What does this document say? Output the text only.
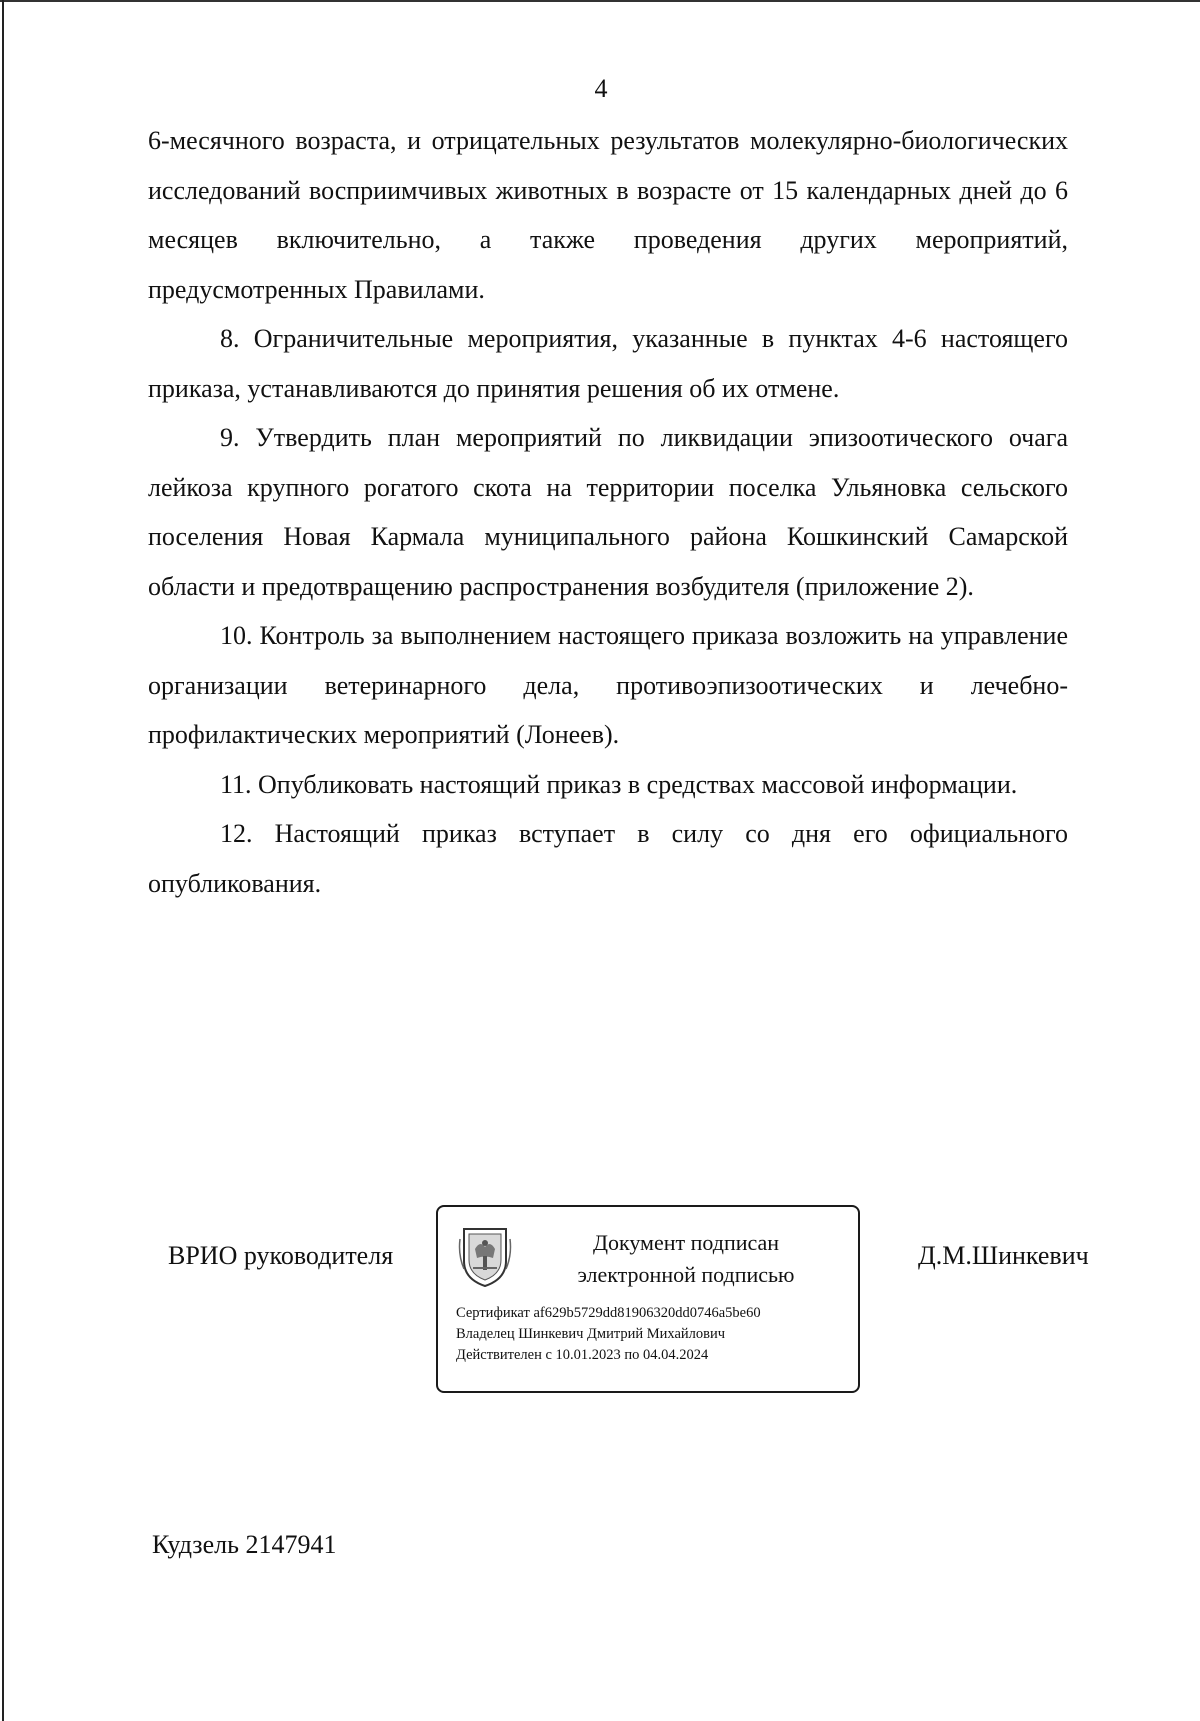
4

6-месячного возраста, и отрицательных результатов молекулярно-биологических исследований восприимчивых животных в возрасте от 15 календарных дней до 6 месяцев включительно, а также проведения других мероприятий, предусмотренных Правилами.

8. Ограничительные мероприятия, указанные в пунктах 4-6 настоящего приказа, устанавливаются до принятия решения об их отмене.

9. Утвердить план мероприятий по ликвидации эпизоотического очага лейкоза крупного рогатого скота на территории поселка Ульяновка сельского поселения Новая Кармала муниципального района Кошкинский Самарской области и предотвращению распространения возбудителя (приложение 2).

10. Контроль за выполнением настоящего приказа возложить на управление организации ветеринарного дела, противоэпизоотических и лечебно-профилактических мероприятий (Лонеев).

11. Опубликовать настоящий приказ в средствах массовой информации.

12. Настоящий приказ вступает в силу со дня его официального опубликования.

ВРИО руководителя	Документ подписан
электронной подписью
Сертификат af629b5729dd81906320dd0746a5be60
Владелец Шинкевич Дмитрий Михайлович
Действителен с 10.01.2023 по 04.04.2024
Д.М.Шинкевич
Кудзель 2147941
